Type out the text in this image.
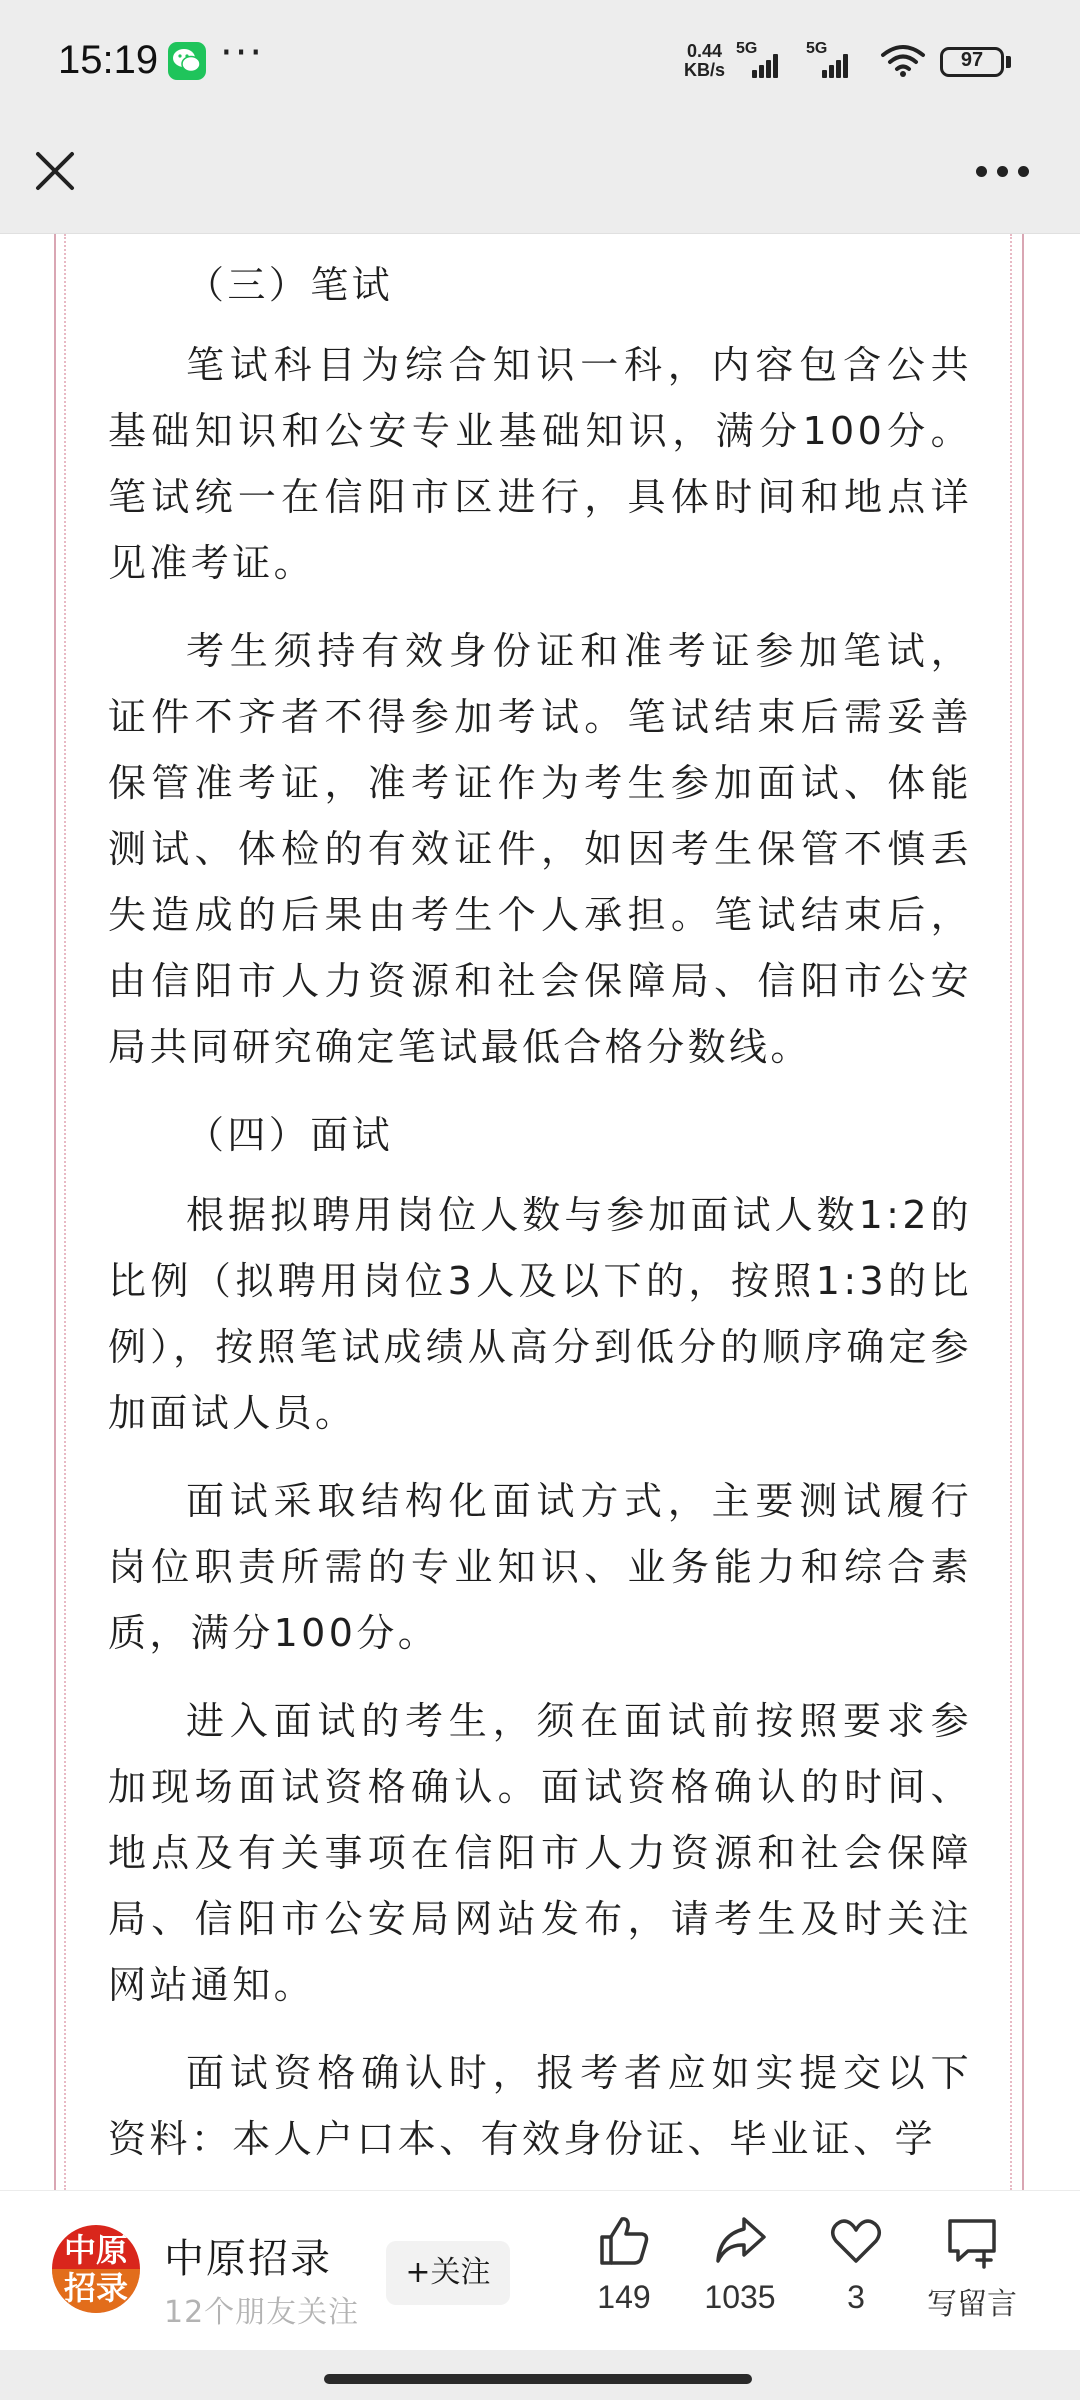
15:19 ···	0.44
KB/s
5G	5G
97

（三）笔试

笔试科目为综合知识一科，内容包含公共基础知识和公安专业基础知识，满分100分。笔试统一在信阳市区进行，具体时间和地点详见准考证。

考生须持有效身份证和准考证参加笔试，证件不齐者不得参加考试。笔试结束后需妥善保管准考证，准考证作为考生参加面试、体能测试、体检的有效证件，如因考生保管不慎丢失造成的后果由考生个人承担。笔试结束后，由信阳市人力资源和社会保障局、信阳市公安局共同研究确定笔试最低合格分数线。

（四）面试

根据拟聘用岗位人数与参加面试人数1:2的比例（拟聘用岗位3人及以下的，按照1:3的比例），按照笔试成绩从高分到低分的顺序确定参加面试人员。

面试采取结构化面试方式，主要测试履行岗位职责所需的专业知识、业务能力和综合素质，满分100分。

进入面试的考生，须在面试前按照要求参加现场面试资格确认。面试资格确认的时间、地点及有关事项在信阳市人力资源和社会保障局、信阳市公安局网站发布，请考生及时关注网站通知。

面试资格确认时，报考者应如实提交以下资料：本人户口本、有效身份证、毕业证、学

中原
招录
中原招录
12个朋友关注
+关注
149	1035	3	写留言
